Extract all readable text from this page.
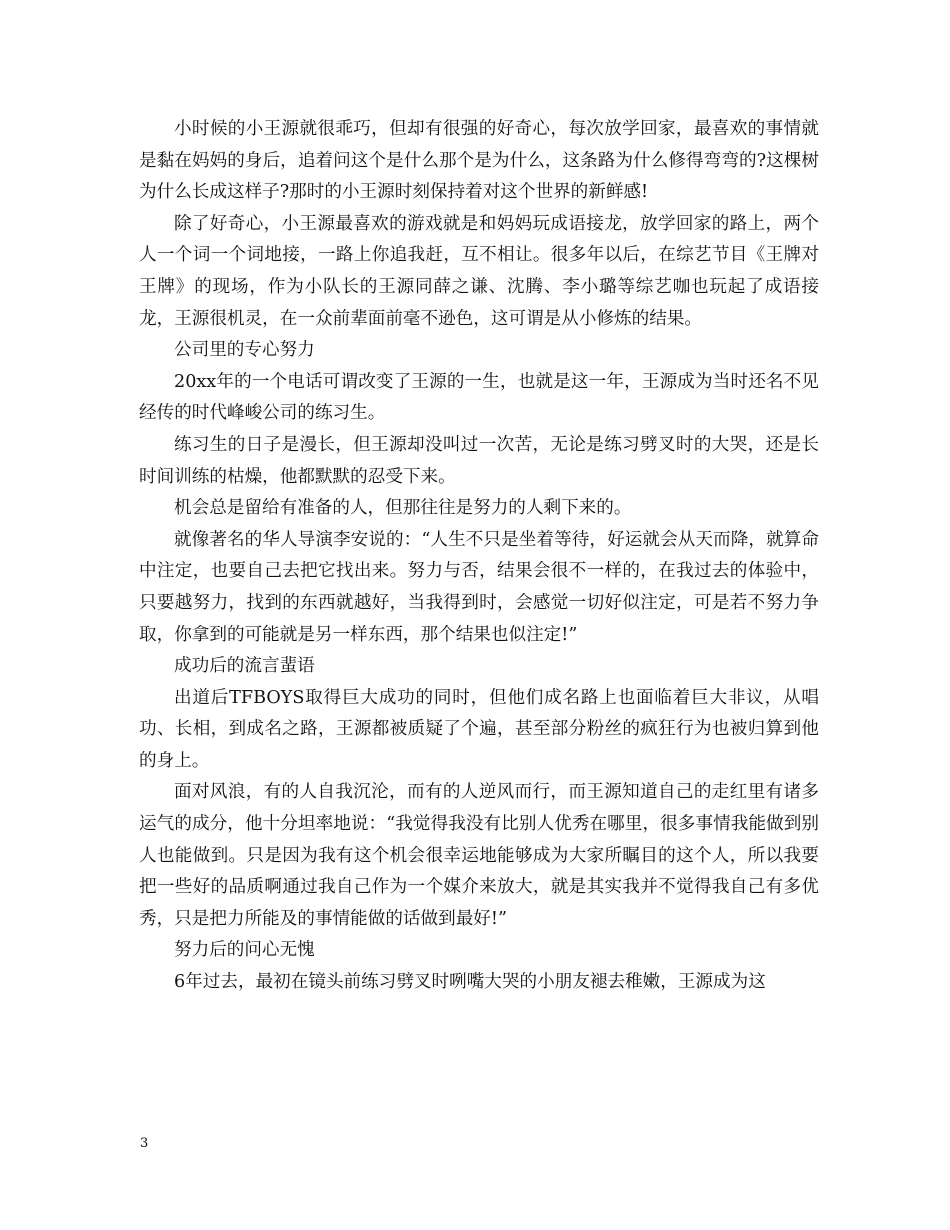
小时候的小王源就很乖巧，但却有很强的好奇心，每次放学回家，最喜欢的事情就是黏在妈妈的身后，追着问这个是什么那个是为什么，这条路为什么修得弯弯的?这棵树为什么长成这样子?那时的小王源时刻保持着对这个世界的新鲜感!

除了好奇心，小王源最喜欢的游戏就是和妈妈玩成语接龙，放学回家的路上，两个人一个词一个词地接，一路上你追我赶，互不相让。很多年以后，在综艺节目《王牌对王牌》的现场，作为小队长的王源同薛之谦、沈腾、李小璐等综艺咖也玩起了成语接龙，王源很机灵，在一众前辈面前毫不逊色，这可谓是从小修炼的结果。

公司里的专心努力

20xx年的一个电话可谓改变了王源的一生，也就是这一年，王源成为当时还名不见经传的时代峰峻公司的练习生。

练习生的日子是漫长，但王源却没叫过一次苦，无论是练习劈叉时的大哭，还是长时间训练的枯燥，他都默默的忍受下来。

机会总是留给有准备的人，但那往往是努力的人剩下来的。

就像著名的华人导演李安说的：“人生不只是坐着等待，好运就会从天而降，就算命中注定，也要自己去把它找出来。努力与否，结果会很不一样的，在我过去的体验中，只要越努力，找到的东西就越好，当我得到时，会感觉一切好似注定，可是若不努力争取，你拿到的可能就是另一样东西，那个结果也似注定!”

成功后的流言蜚语

出道后TFBOYS取得巨大成功的同时，但他们成名路上也面临着巨大非议，从唱功、长相，到成名之路，王源都被质疑了个遍，甚至部分粉丝的疯狂行为也被归算到他的身上。

面对风浪，有的人自我沉沦，而有的人逆风而行，而王源知道自己的走红里有诸多运气的成分，他十分坦率地说：“我觉得我没有比别人优秀在哪里，很多事情我能做到别人也能做到。只是因为我有这个机会很幸运地能够成为大家所瞩目的这个人，所以我要把一些好的品质啊通过我自己作为一个媒介来放大，就是其实我并不觉得我自己有多优秀，只是把力所能及的事情能做的话做到最好!”

努力后的问心无愧

6年过去，最初在镜头前练习劈叉时咧嘴大哭的小朋友褪去稚嫩，王源成为这

3
